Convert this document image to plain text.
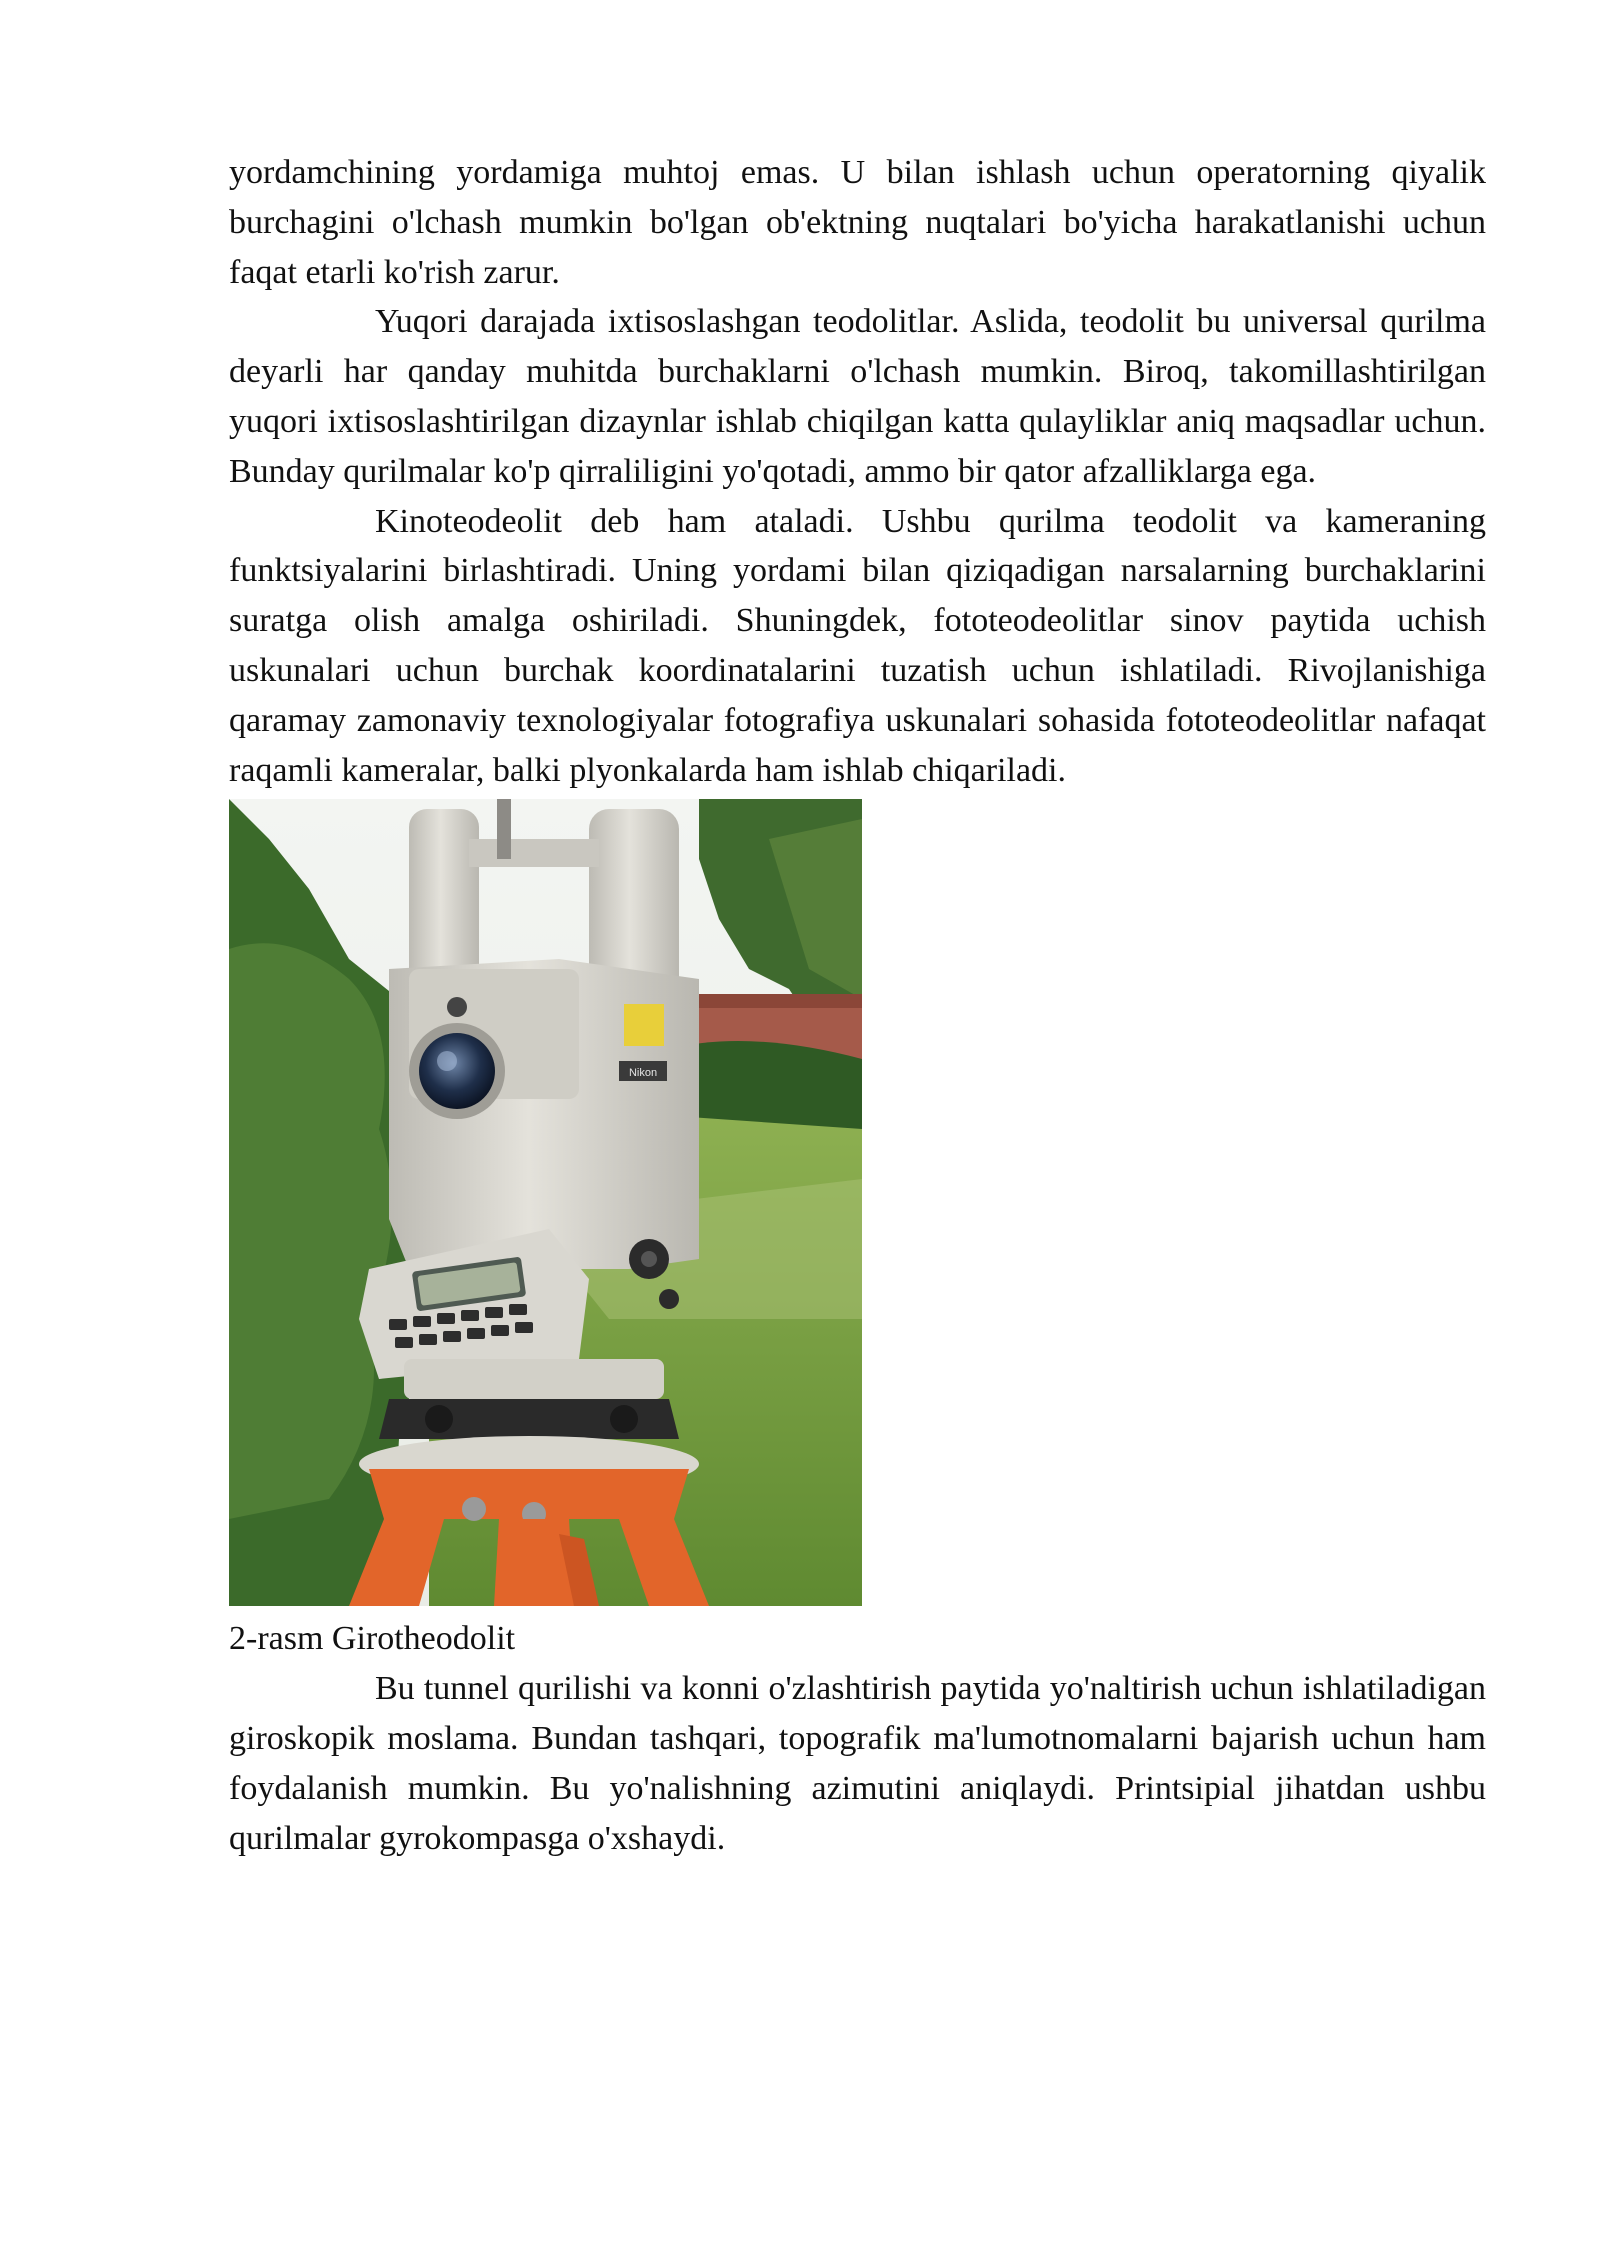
yordamchining yordamiga muhtoj emas. U bilan ishlash uchun operatorning qiyalik burchagini o'lchash mumkin bo'lgan ob'ektning nuqtalari bo'yicha harakatlanishi uchun faqat etarli ko'rish zarur.

Yuqori darajada ixtisoslashgan teodolitlar. Aslida, teodolit bu universal qurilma deyarli har qanday muhitda burchaklarni o'lchash mumkin. Biroq, takomillashtirilgan yuqori ixtisoslashtirilgan dizaynlar ishlab chiqilgan katta qulayliklar aniq maqsadlar uchun. Bunday qurilmalar ko'p qirraliligini yo'qotadi, ammo bir qator afzalliklarga ega.

Kinoteodeolit deb ham ataladi. Ushbu qurilma teodolit va kameraning funktsiyalarini birlashtiradi. Uning yordami bilan qiziqadigan narsalarning burchaklarini suratga olish amalga oshiriladi. Shuningdek, fototeodeolitlar sinov paytida uchish uskunalari uchun burchak koordinatalarini tuzatish uchun ishlatiladi. Rivojlanishiga qaramay zamonaviy texnologiyalar fotografiya uskunalari sohasida fototeodeolitlar nafaqat raqamli kameralar, balki plyonkalarda ham ishlab chiqariladi.

Nikon

2-rasm Girotheodolit

Bu tunnel qurilishi va konni o'zlashtirish paytida yo'naltirish uchun ishlatiladigan giroskopik moslama. Bundan tashqari, topografik ma'lumotnomalarni bajarish uchun ham foydalanish mumkin. Bu yo'nalishning azimutini aniqlaydi. Printsipial jihatdan ushbu qurilmalar gyrokompasga o'xshaydi.
